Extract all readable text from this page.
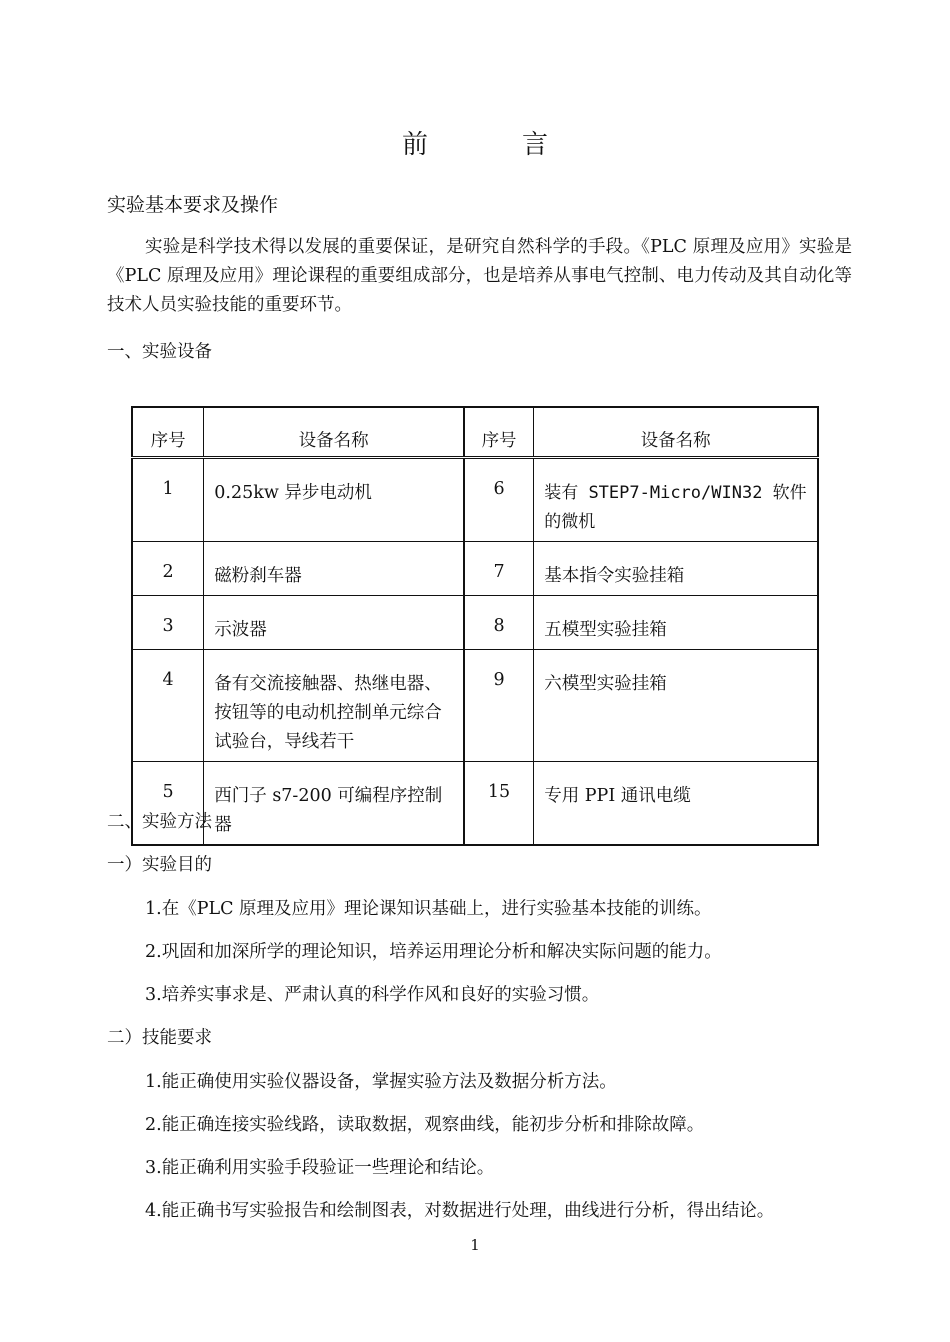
前　言
实验基本要求及操作
实验是科学技术得以发展的重要保证，是研究自然科学的手段。《PLC 原理及应用》实验是《PLC 原理及应用》理论课程的重要组成部分，也是培养从事电气控制、电力传动及其自动化等技术人员实验技能的重要环节。
一、实验设备
序号	设备名称	序号	设备名称
1	0.25kw 异步电动机	6	装有 STEP7-Micro/WIN32 软件的微机
2	磁粉刹车器	7	基本指令实验挂箱
3	示波器	8	五模型实验挂箱
4	备有交流接触器、热继电器、按钮等的电动机控制单元综合试验台，导线若干	9	六模型实验挂箱
5	西门子 s7-200 可编程序控制器	15	专用 PPI 通讯电缆
二、实验方法
一）实验目的
1.在《PLC 原理及应用》理论课知识基础上，进行实验基本技能的训练。
2.巩固和加深所学的理论知识，培养运用理论分析和解决实际问题的能力。
3.培养实事求是、严肃认真的科学作风和良好的实验习惯。
二）技能要求
1.能正确使用实验仪器设备，掌握实验方法及数据分析方法。
2.能正确连接实验线路，读取数据，观察曲线，能初步分析和排除故障。
3.能正确利用实验手段验证一些理论和结论。
4.能正确书写实验报告和绘制图表，对数据进行处理，曲线进行分析，得出结论。
1
